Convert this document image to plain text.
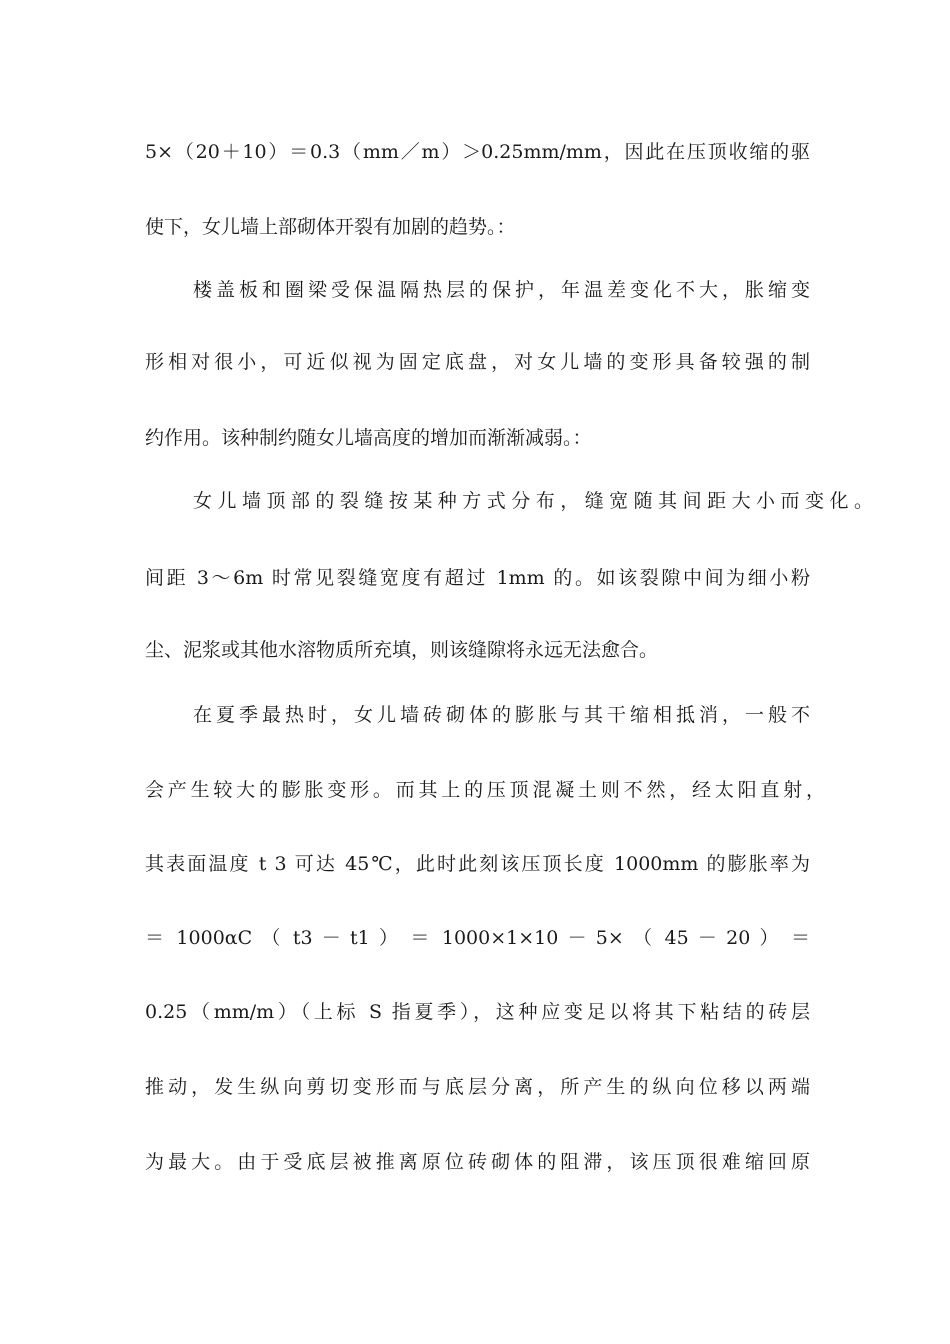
5×（20＋10）＝0.3（mm／m）＞0.25mm/mm，因此在压顶收缩的驱
使下，女儿墙上部砌体开裂有加剧的趋势。：
楼盖板和圈梁受保温隔热层的保护，年温差变化不大，胀缩变
形相对很小，可近似视为固定底盘，对女儿墙的变形具备较强的制
约作用。该种制约随女儿墙高度的增加而渐渐减弱。：
女儿墙顶部的裂缝按某种方式分布，缝宽随其间距大小而变化。
间距 3～6m 时常见裂缝宽度有超过 1mm 的。如该裂隙中间为细小粉
尘、泥浆或其他水溶物质所充填，则该缝隙将永远无法愈合。
在夏季最热时，女儿墙砖砌体的膨胀与其干缩相抵消，一般不
会产生较大的膨胀变形。而其上的压顶混凝土则不然，经太阳直射，
其表面温度 t 3 可达 45℃，此时此刻该压顶长度 1000mm 的膨胀率为
＝ 1000αC （ t3 － t1 ） ＝ 1000×1×10 － 5× （ 45 － 20 ） ＝
0.25（mm/m）（上标 S 指夏季），这种应变足以将其下粘结的砖层
推动，发生纵向剪切变形而与底层分离，所产生的纵向位移以两端
为最大。由于受底层被推离原位砖砌体的阻滞，该压顶很难缩回原
